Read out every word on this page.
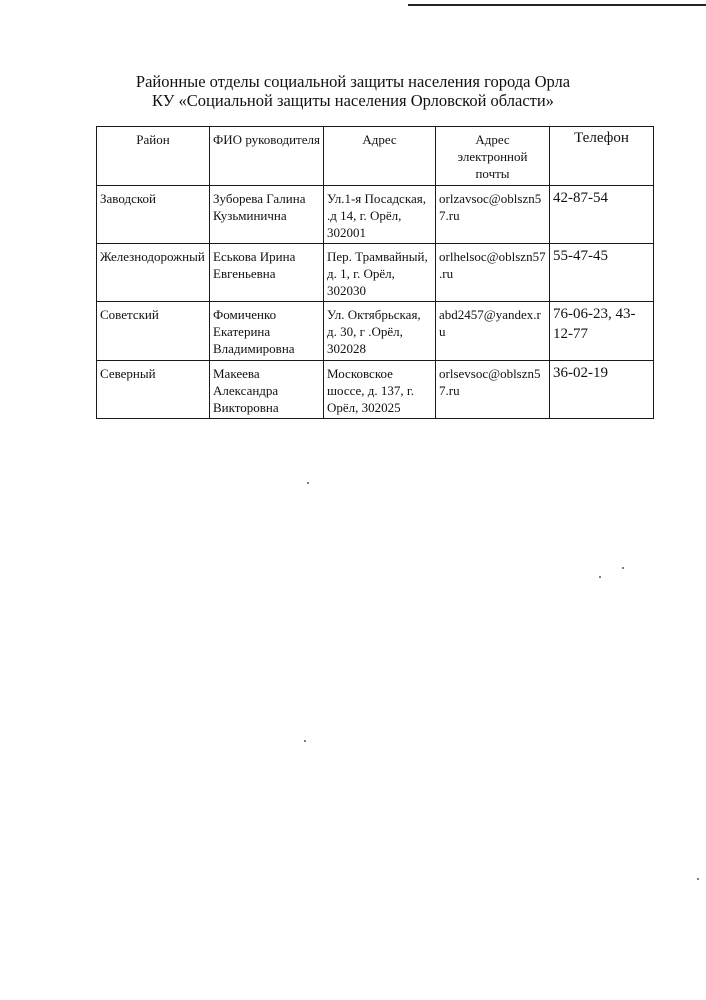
Районные отделы социальной защиты населения города Орла
КУ «Социальной защиты населения Орловской области»
Район	ФИО руководителя	Адрес	Адрес электронной почты	Телефон
Заводской	Зуборева Галина Кузьминична	Ул.1-я Посадская, .д 14, г. Орёл, 302001	orlzavsoc@oblszn57.ru	42-87-54
Железнодорожный	Еськова Ирина Евгеньевна	Пер. Трамвайный, д. 1, г. Орёл, 302030	orlhelsoc@oblszn57.ru	55-47-45
Советский	Фомиченко Екатерина Владимировна	Ул. Октябрьская, д. 30, г .Орёл, 302028	abd2457@yandex.ru	76-06-23, 43-12-77
Северный	Макеева Александра Викторовна	Московское шоссе, д. 137, г. Орёл, 302025	orlsevsoc@oblszn57.ru	36-02-19
